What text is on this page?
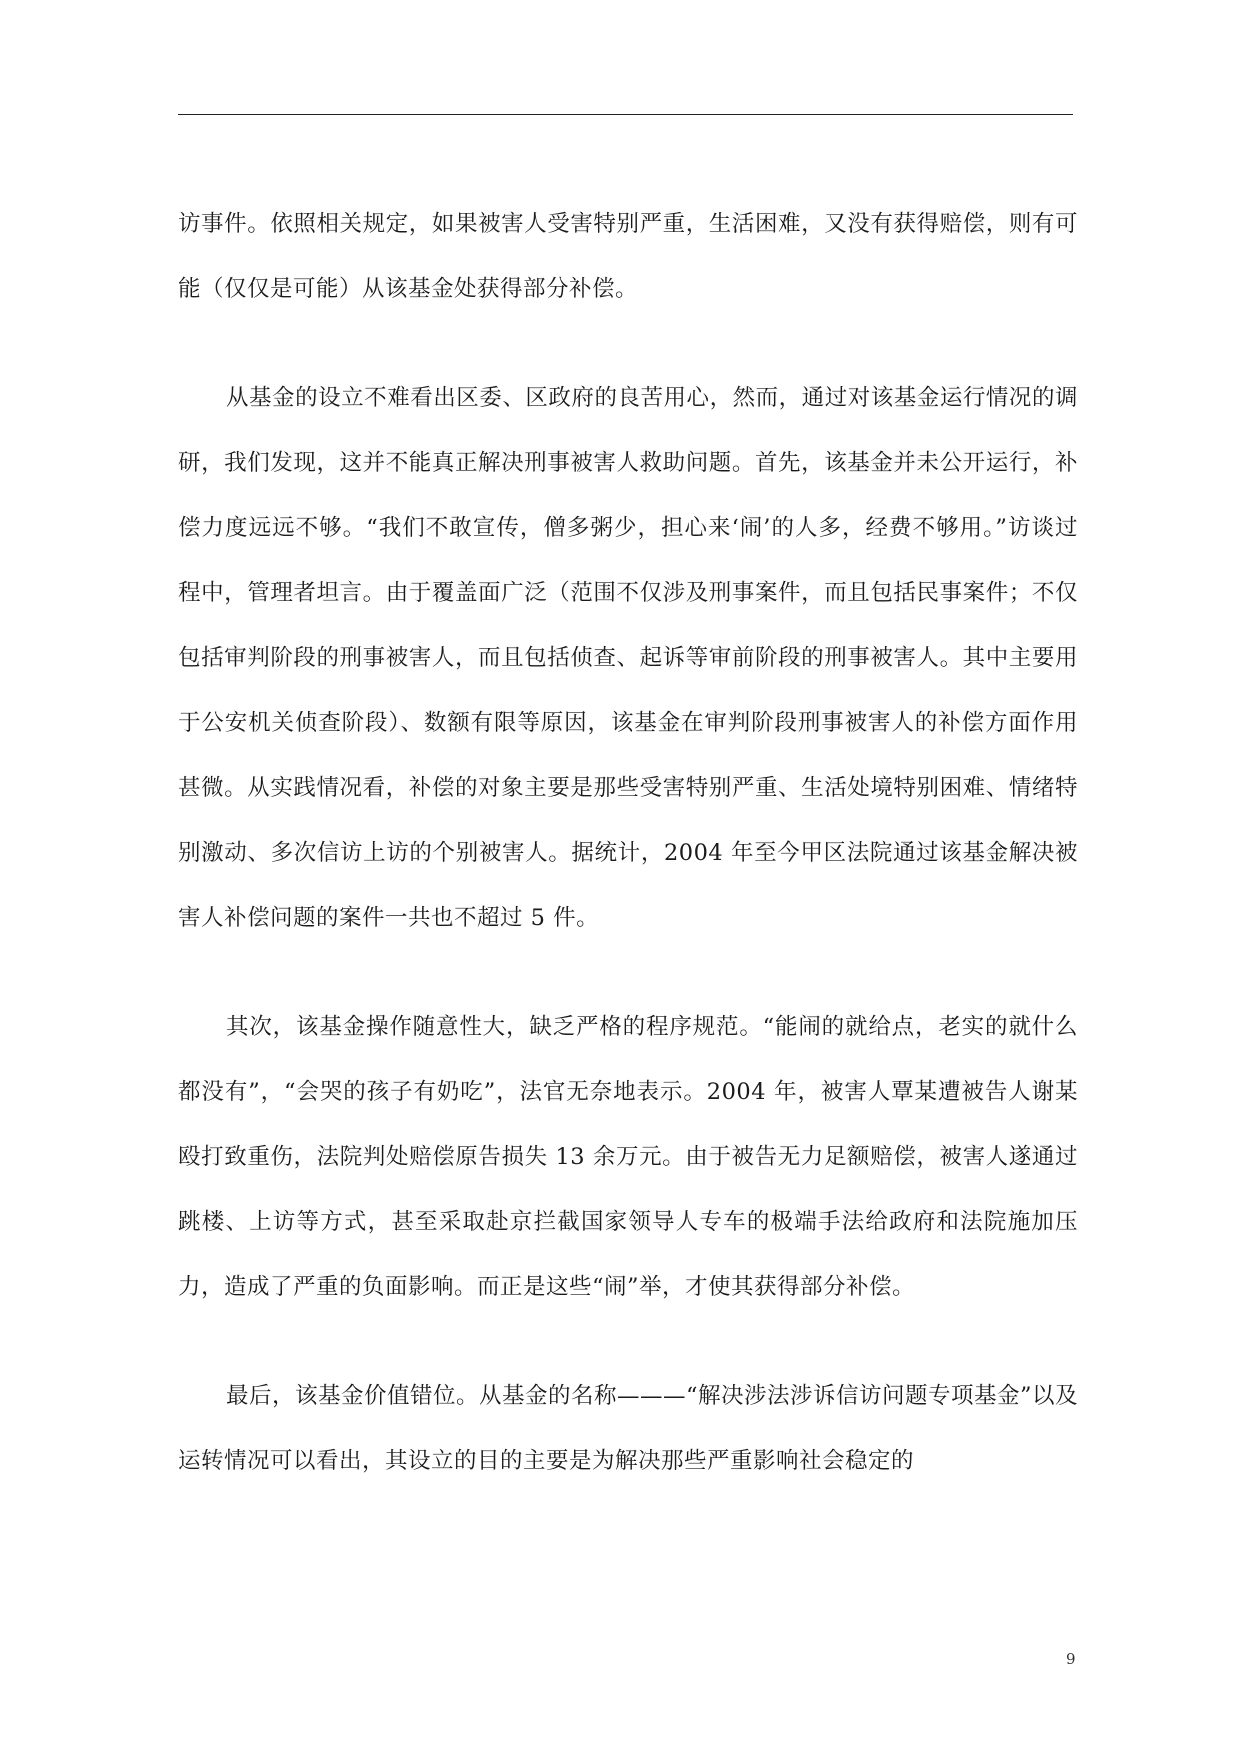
访事件。依照相关规定，如果被害人受害特别严重，生活困难，又没有获得赔偿，则有可能（仅仅是可能）从该基金处获得部分补偿。

从基金的设立不难看出区委、区政府的良苦用心，然而，通过对该基金运行情况的调研，我们发现，这并不能真正解决刑事被害人救助问题。首先，该基金并未公开运行，补偿力度远远不够。“我们不敢宣传，僧多粥少，担心来‘闹’的人多，经费不够用。”访谈过程中，管理者坦言。由于覆盖面广泛（范围不仅涉及刑事案件，而且包括民事案件；不仅包括审判阶段的刑事被害人，而且包括侦查、起诉等审前阶段的刑事被害人。其中主要用于公安机关侦查阶段）、数额有限等原因，该基金在审判阶段刑事被害人的补偿方面作用甚微。从实践情况看，补偿的对象主要是那些受害特别严重、生活处境特别困难、情绪特别激动、多次信访上访的个别被害人。据统计，2004 年至今甲区法院通过该基金解决被害人补偿问题的案件一共也不超过 5 件。

其次，该基金操作随意性大，缺乏严格的程序规范。“能闹的就给点，老实的就什么都没有”，“会哭的孩子有奶吃”，法官无奈地表示。2004 年，被害人覃某遭被告人谢某殴打致重伤，法院判处赔偿原告损失 13 余万元。由于被告无力足额赔偿，被害人遂通过跳楼、上访等方式，甚至采取赴京拦截国家领导人专车的极端手法给政府和法院施加压力，造成了严重的负面影响。而正是这些“闹”举，才使其获得部分补偿。

最后，该基金价值错位。从基金的名称———“解决涉法涉诉信访问题专项基金”以及运转情况可以看出，其设立的目的主要是为解决那些严重影响社会稳定的

9
